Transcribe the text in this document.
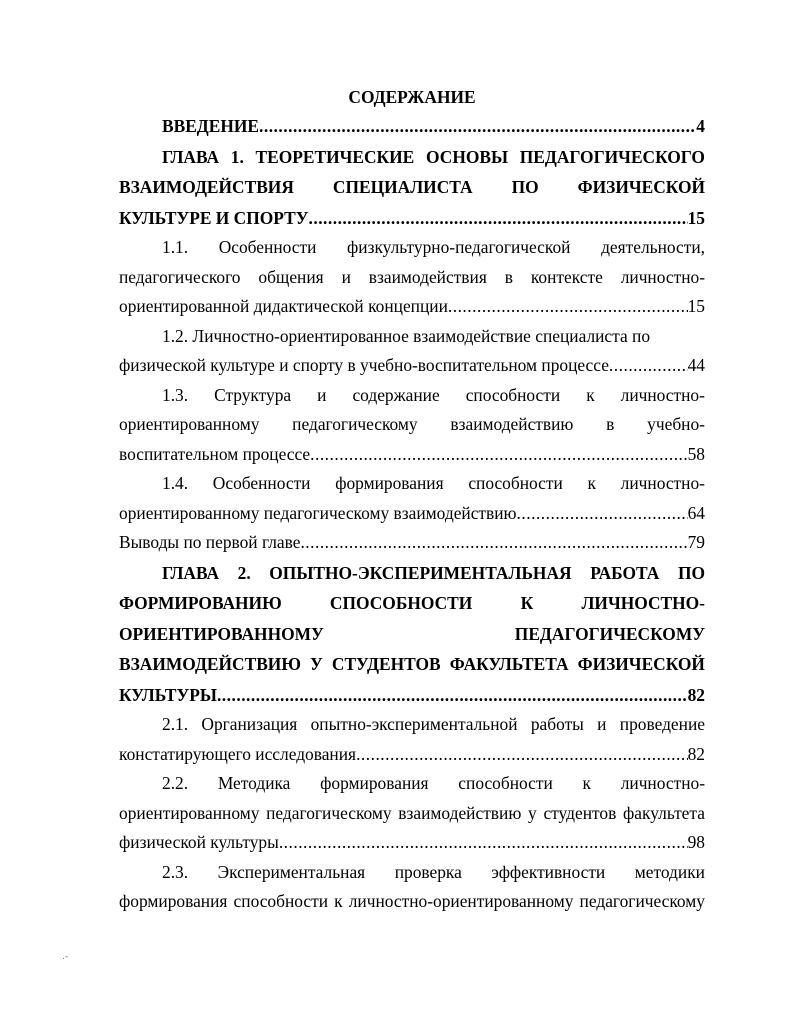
СОДЕРЖАНИЕ
ВВЕДЕНИЕ .....	4
ГЛАВА 1. ТЕОРЕТИЧЕСКИЕ ОСНОВЫ ПЕДАГОГИЧЕСКОГО
ВЗАИМОДЕЙСТВИЯ СПЕЦИАЛИСТА ПО ФИЗИЧЕСКОЙ
КУЛЬТУРЕ И СПОРТУ .....	15
1.1. Особенности физкультурно-педагогической деятельности,
педагогического общения и взаимодействия в контексте личностно-
ориентированной дидактической концепции .....	15
1.2. Личностно-ориентированное взаимодействие специалиста по
физической культуре и спорту в учебно-воспитательном процессе .....	44
1.3. Структура и содержание способности к личностно-
ориентированному педагогическому взаимодействию в учебно-
воспитательном процессе .....	58
1.4. Особенности формирования способности к личностно-
ориентированному педагогическому взаимодействию .....	64
Выводы по первой главе .....	79
ГЛАВА 2. ОПЫТНО-ЭКСПЕРИМЕНТАЛЬНАЯ РАБОТА ПО
ФОРМИРОВАНИЮ	СПОСОБНОСТИ	К	ЛИЧНОСТНО-
ОРИЕНТИРОВАННОМУ	ПЕДАГОГИЧЕСКОМУ
ВЗАИМОДЕЙСТВИЮ У СТУДЕНТОВ ФАКУЛЬТЕТА ФИЗИЧЕСКОЙ
КУЛЬТУРЫ .....	82
2.1. Организация опытно-экспериментальной работы и проведение
констатирующего исследования .....	82
2.2. Методика формирования способности к личностно-
ориентированному педагогическому взаимодействию у студентов факультета
физической культуры .....	98
2.3. Экспериментальная проверка эффективности методики
формирования способности к личностно-ориентированному педагогическому
.-
